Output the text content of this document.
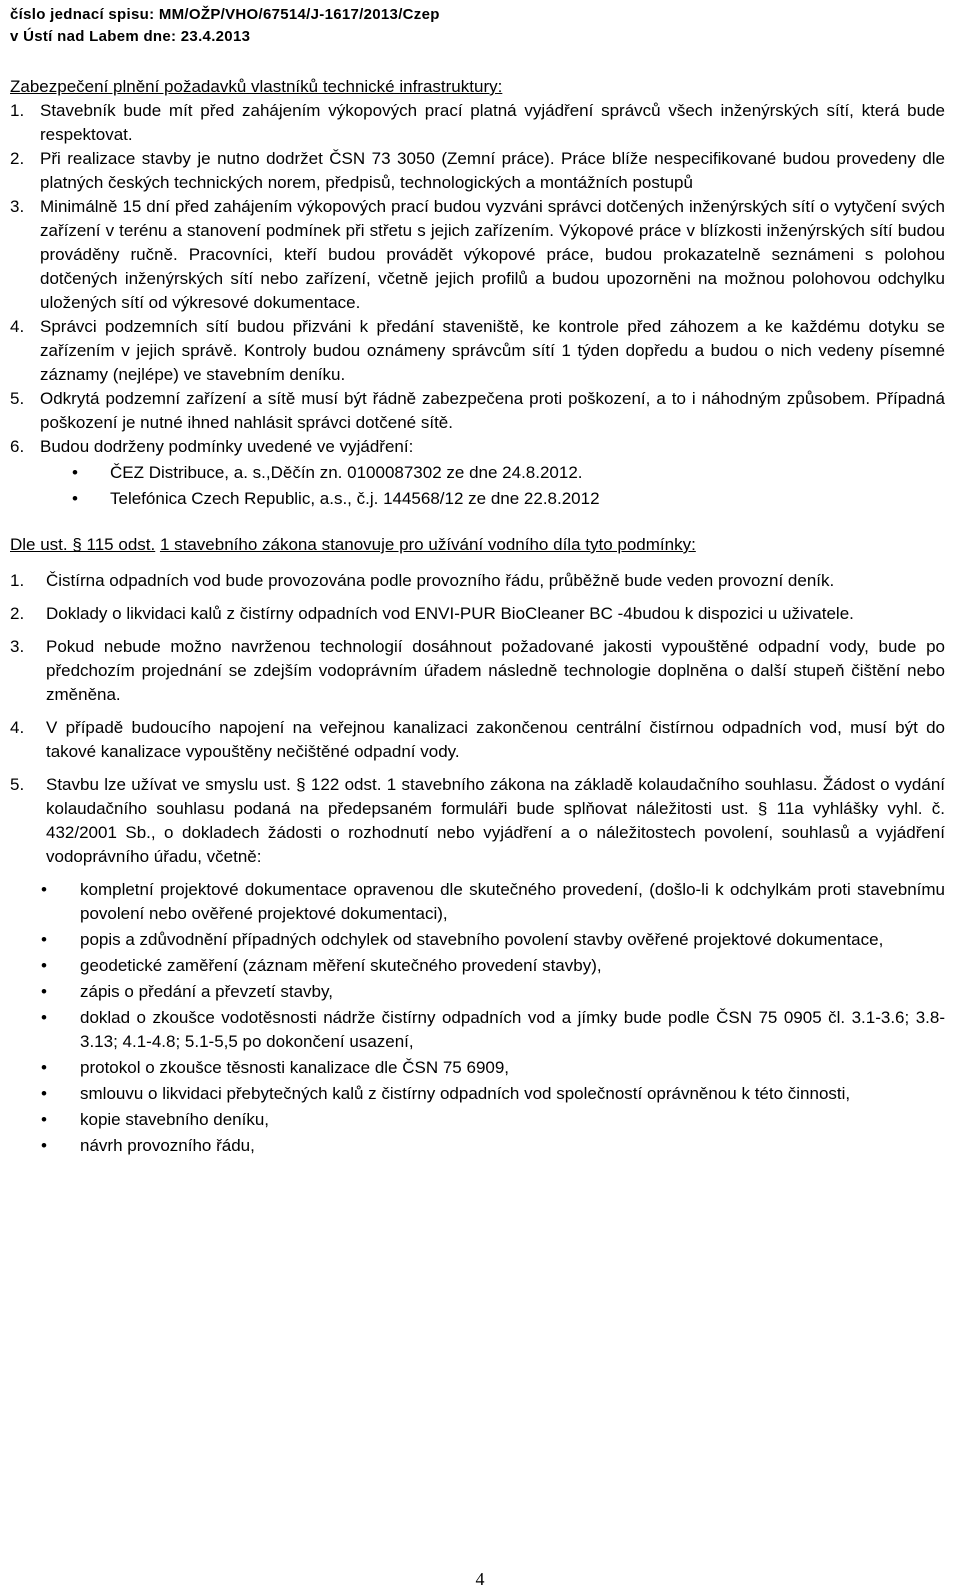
číslo jednací spisu: MM/OŽP/VHO/67514/J-1617/2013/Czep
v Ústí nad Labem dne: 23.4.2013
Zabezpečení plnění požadavků vlastníků technické infrastruktury:
1. Stavebník bude mít před zahájením výkopových prací platná vyjádření správců všech inženýrských sítí, která bude respektovat.
2. Při realizace stavby je nutno dodržet ČSN 73 3050 (Zemní práce). Práce blíže nespecifikované budou provedeny dle platných českých technických norem, předpisů, technologických a montážních postupů
3. Minimálně 15 dní před zahájením výkopových prací budou vyzváni správci dotčených inženýrských sítí o vytyčení svých zařízení v terénu a stanovení podmínek při střetu s jejich zařízením. Výkopové práce v blízkosti inženýrských sítí budou prováděny ručně. Pracovníci, kteří budou provádět výkopové práce, budou prokazatelně seznámeni s polohou dotčených inženýrských sítí nebo zařízení, včetně jejich profilů a budou upozorněni na možnou polohovou odchylku uložených sítí od výkresové dokumentace.
4. Správci podzemních sítí budou přizváni k předání staveniště, ke kontrole před záhozem a ke každému dotyku se zařízením v jejich správě. Kontroly budou oznámeny správcům sítí 1 týden dopředu a budou o nich vedeny písemné záznamy (nejlépe) ve stavebním deníku.
5. Odkrytá podzemní zařízení a sítě musí být řádně zabezpečena proti poškození, a to i náhodným způsobem. Případná poškození je nutné ihned nahlásit správci dotčené sítě.
6. Budou dodrženy podmínky uvedené ve vyjádření:
• ČEZ Distribuce, a. s.,Děčín zn. 0100087302 ze dne 24.8.2012.
• Telefónica Czech Republic, a.s., č.j. 144568/12 ze dne 22.8.2012
Dle ust. § 115 odst. 1 stavebního zákona stanovuje pro užívání vodního díla tyto podmínky:
1. Čistírna odpadních vod bude provozována podle provozního řádu, průběžně bude veden provozní deník.
2. Doklady o likvidaci kalů z čistírny odpadních vod ENVI-PUR BioCleaner BC -4budou k dispozici u uživatele.
3. Pokud nebude možno navrženou technologií dosáhnout požadované jakosti vypouštěné odpadní vody, bude po předchozím projednání se zdejším vodoprávním úřadem následně technologie doplněna o další stupeň čištění nebo změněna.
4. V případě budoucího napojení na veřejnou kanalizaci zakončenou centrální čistírnou odpadních vod, musí být do takové kanalizace vypouštěny nečištěné odpadní vody.
5. Stavbu lze užívat ve smyslu ust. § 122 odst. 1 stavebního zákona na základě kolaudačního souhlasu. Žádost o vydání kolaudačního souhlasu podaná na předepsaném formuláři bude splňovat náležitosti ust. § 11a vyhlášky vyhl. č. 432/2001 Sb., o dokladech žádosti o rozhodnutí nebo vyjádření a o náležitostech povolení, souhlasů a vyjádření vodoprávního úřadu, včetně:
• kompletní projektové dokumentace opravenou dle skutečného provedení, (došlo-li k odchylkám proti stavebnímu povolení nebo ověřené projektové dokumentaci),
• popis a zdůvodnění případných odchylek od stavebního povolení stavby ověřené projektové dokumentace,
• geodetické zaměření (záznam měření skutečného provedení stavby),
• zápis o předání a převzetí stavby,
• doklad o zkoušce vodotěsnosti nádrže čistírny odpadních vod a jímky bude podle ČSN 75 0905 čl. 3.1-3.6; 3.8-3.13; 4.1-4.8; 5.1-5,5 po dokončení usazení,
• protokol o zkoušce těsnosti kanalizace dle ČSN 75 6909,
• smlouvu o likvidaci přebytečných kalů z čistírny odpadních vod společností oprávněnou k této činnosti,
• kopie stavebního deníku,
• návrh provozního řádu,
4
